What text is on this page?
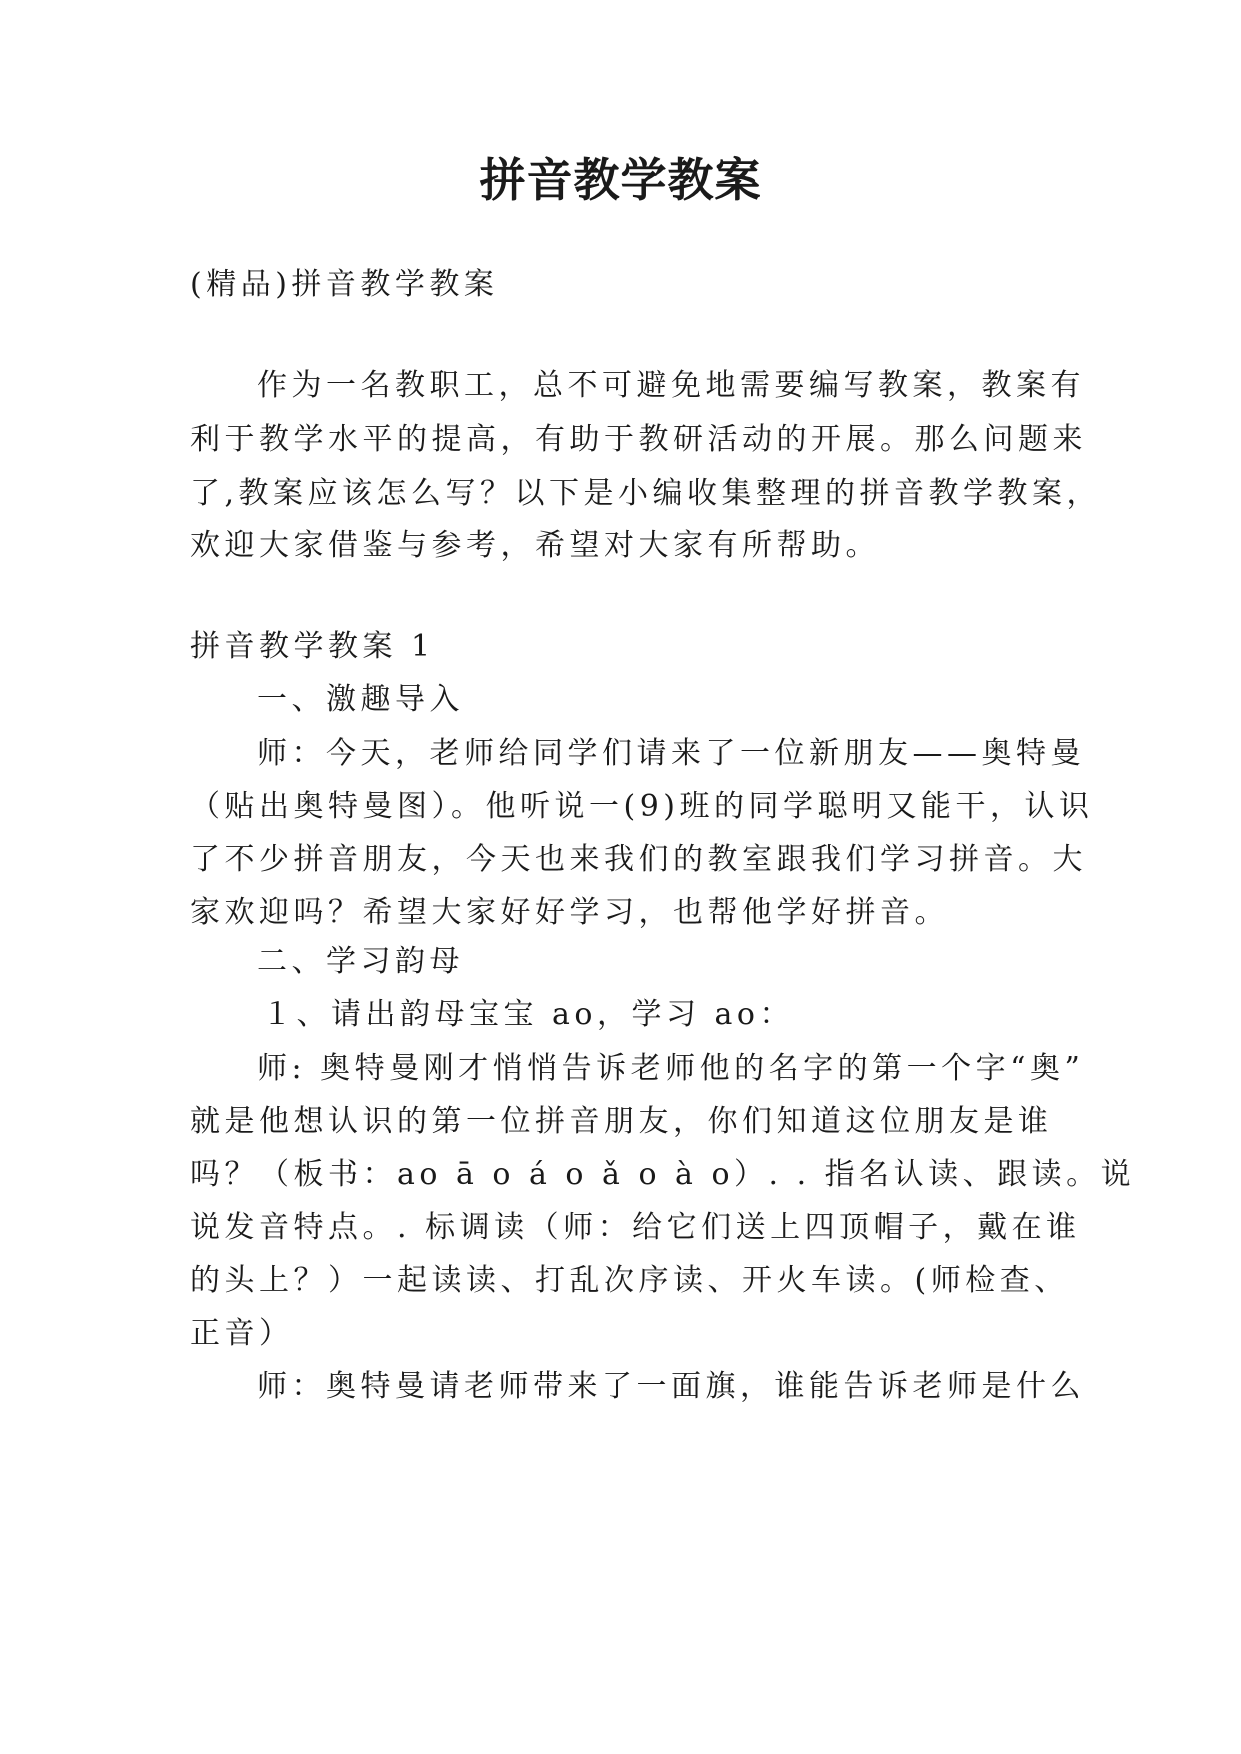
拼音教学教案
(精品)拼音教学教案
作为一名教职工，总不可避免地需要编写教案，教案有
利于教学水平的提高，有助于教研活动的开展。那么问题来
了,教案应该怎么写？以下是小编收集整理的拼音教学教案，
欢迎大家借鉴与参考，希望对大家有所帮助。
拼音教学教案 1
一、激趣导入
师：今天，老师给同学们请来了一位新朋友——奥特曼
（贴出奥特曼图）。他听说一(9)班的同学聪明又能干，认识
了不少拼音朋友，今天也来我们的教室跟我们学习拼音。大
家欢迎吗？希望大家好好学习，也帮他学好拼音。
二、学习韵母
１、请出韵母宝宝 ao，学习 ao：
师: 奥特曼刚才悄悄告诉老师他的名字的第一个字“奥”
就是他想认识的第一位拼音朋友，你们知道这位朋友是谁
吗？（板书：ao ā o á o ǎ o à o）. . 指名认读、跟读。说
说发音特点。. 标调读（师：给它们送上四顶帽子，戴在谁
的头上？）一起读读、打乱次序读、开火车读。(师检查、
正音）
师：奥特曼请老师带来了一面旗，谁能告诉老师是什么
